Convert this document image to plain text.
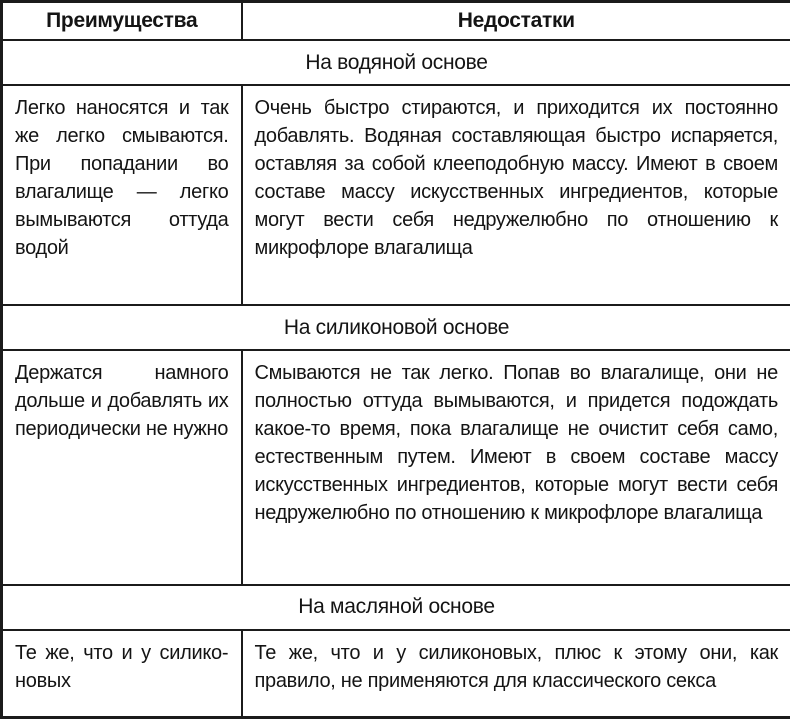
Преимущества	Недостатки
На водяной основе	
Легко наносятся и так же легко смываются. При попадании во влагалище — легко вымываются оттуда водой	Очень быстро стираются, и приходится их постоянно добавлять. Водяная составляющая быстро испаряется, оставляя за собой клееподобную массу. Имеют в своем составе массу искусственных ингредиентов, которые могут вести себя недружелюбно по отношению к микрофлоре влагалища
На силиконовой основе	
Держатся намного дольше и добавлять их периодически не нужно	Смываются не так легко. Попав во влагалище, они не полностью оттуда вымываются, и придется подождать какое-то время, пока влагалище не очистит себя само, естественным путем. Имеют в своем составе массу искусственных ингредиентов, которые могут вести себя недружелюбно по отношению к микрофлоре влагалища
На масляной основе	
Те же, что и у силиконовых	Те же, что и у силиконовых, плюс к этому они, как правило, не применяются для классического секса
